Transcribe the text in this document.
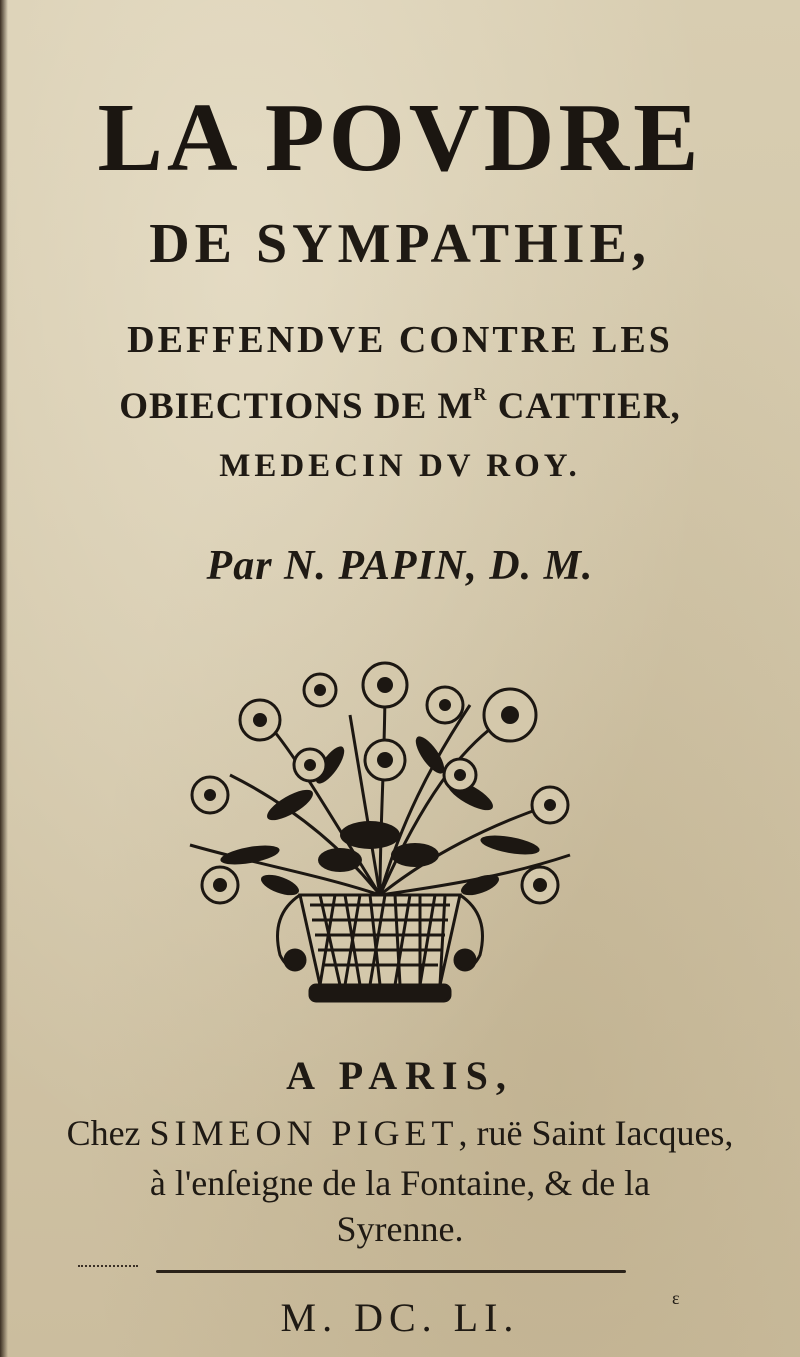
LA POVDRE
DE SYMPATHIE,
DEFFENDVE CONTRE LES
OBIECTIONS DE $M^R$ CATTIER,
MEDECIN DV ROY.
Par N. PAPIN, D. M.
A PARIS,
Chez SIMEON PIGET, ruë Saint Iacques,
à l'enſeigne de la Fontaine, & de la
Syrenne.
M. DC. LI.	ε
